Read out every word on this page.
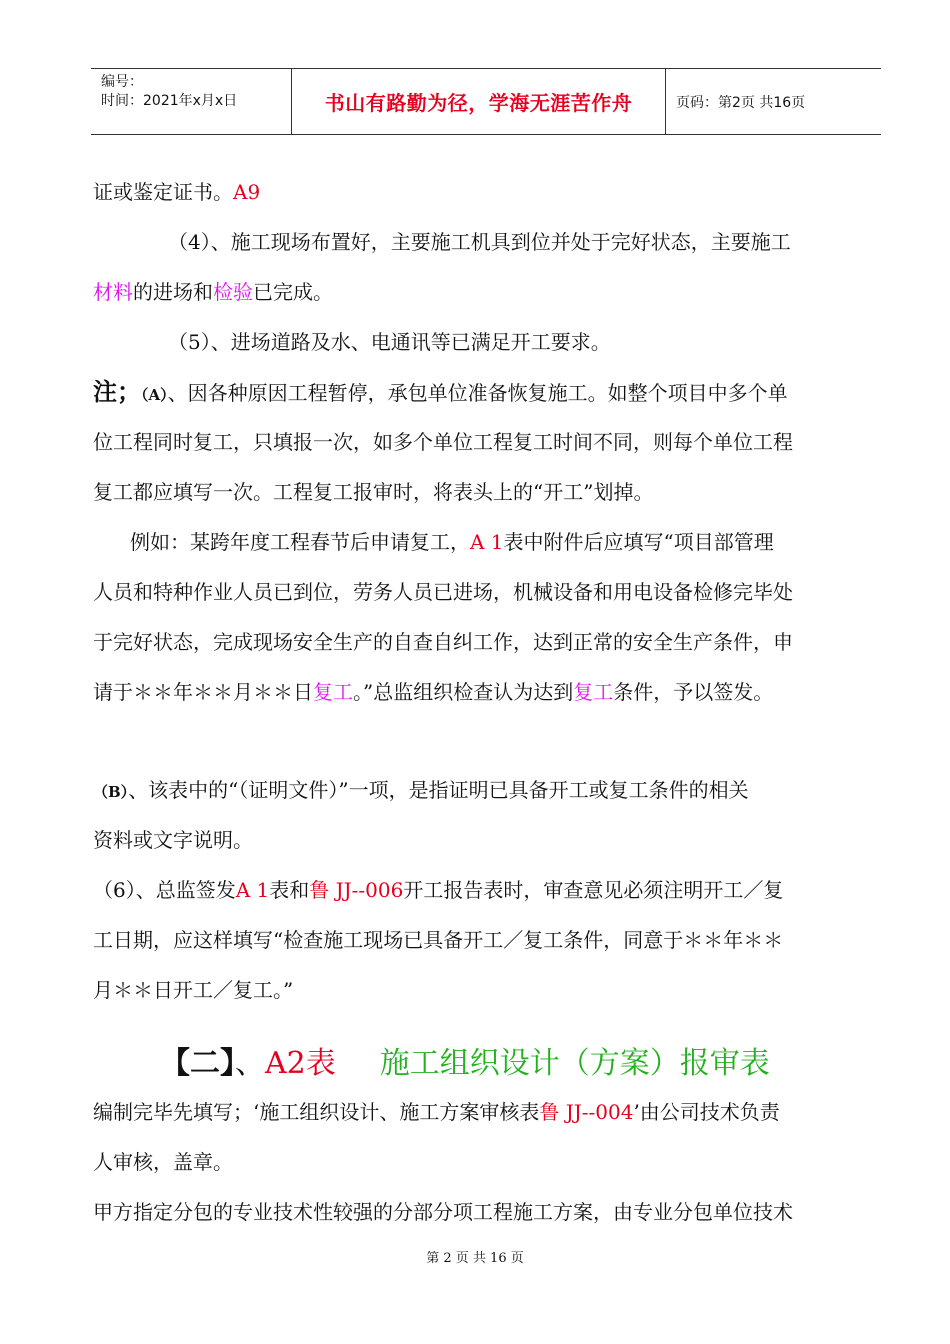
编号：
时间：2021年x月x日	书山有路勤为径，学海无涯苦作舟	页码：第2页 共16页
证或鉴定证书。A9
（4）、施工现场布置好，主要施工机具到位并处于完好状态，主要施工
材料的进场和检验已完成。
（5）、进场道路及水、电通讯等已满足开工要求。
注；（A）、因各种原因工程暂停，承包单位准备恢复施工。如整个项目中多个单
位工程同时复工，只填报一次，如多个单位工程复工时间不同，则每个单位工程
复工都应填写一次。工程复工报审时，将表头上的“开工”划掉。
例如：某跨年度工程春节后申请复工，A 1表中附件后应填写“项目部管理
人员和特种作业人员已到位，劳务人员已进场，机械设备和用电设备检修完毕处
于完好状态，完成现场安全生产的自查自纠工作，达到正常的安全生产条件，申
请于＊＊年＊＊月＊＊日复工。”总监组织检查认为达到复工条件，予以签发。
（B）、该表中的“（证明文件）”一项，是指证明已具备开工或复工条件的相关
资料或文字说明。
（6）、总监签发A 1表和鲁 JJ--006开工报告表时，审查意见必须注明开工／复
工日期，应这样填写“检查施工现场已具备开工／复工条件，同意于＊＊年＊＊
月＊＊日开工／复工。”
【二】、A2表 施工组织设计（方案）报审表
编制完毕先填写；‘施工组织设计、施工方案审核表鲁 JJ--004’由公司技术负责
人审核，盖章。
甲方指定分包的专业技术性较强的分部分项工程施工方案，由专业分包单位技术
第 2 页 共 16 页
